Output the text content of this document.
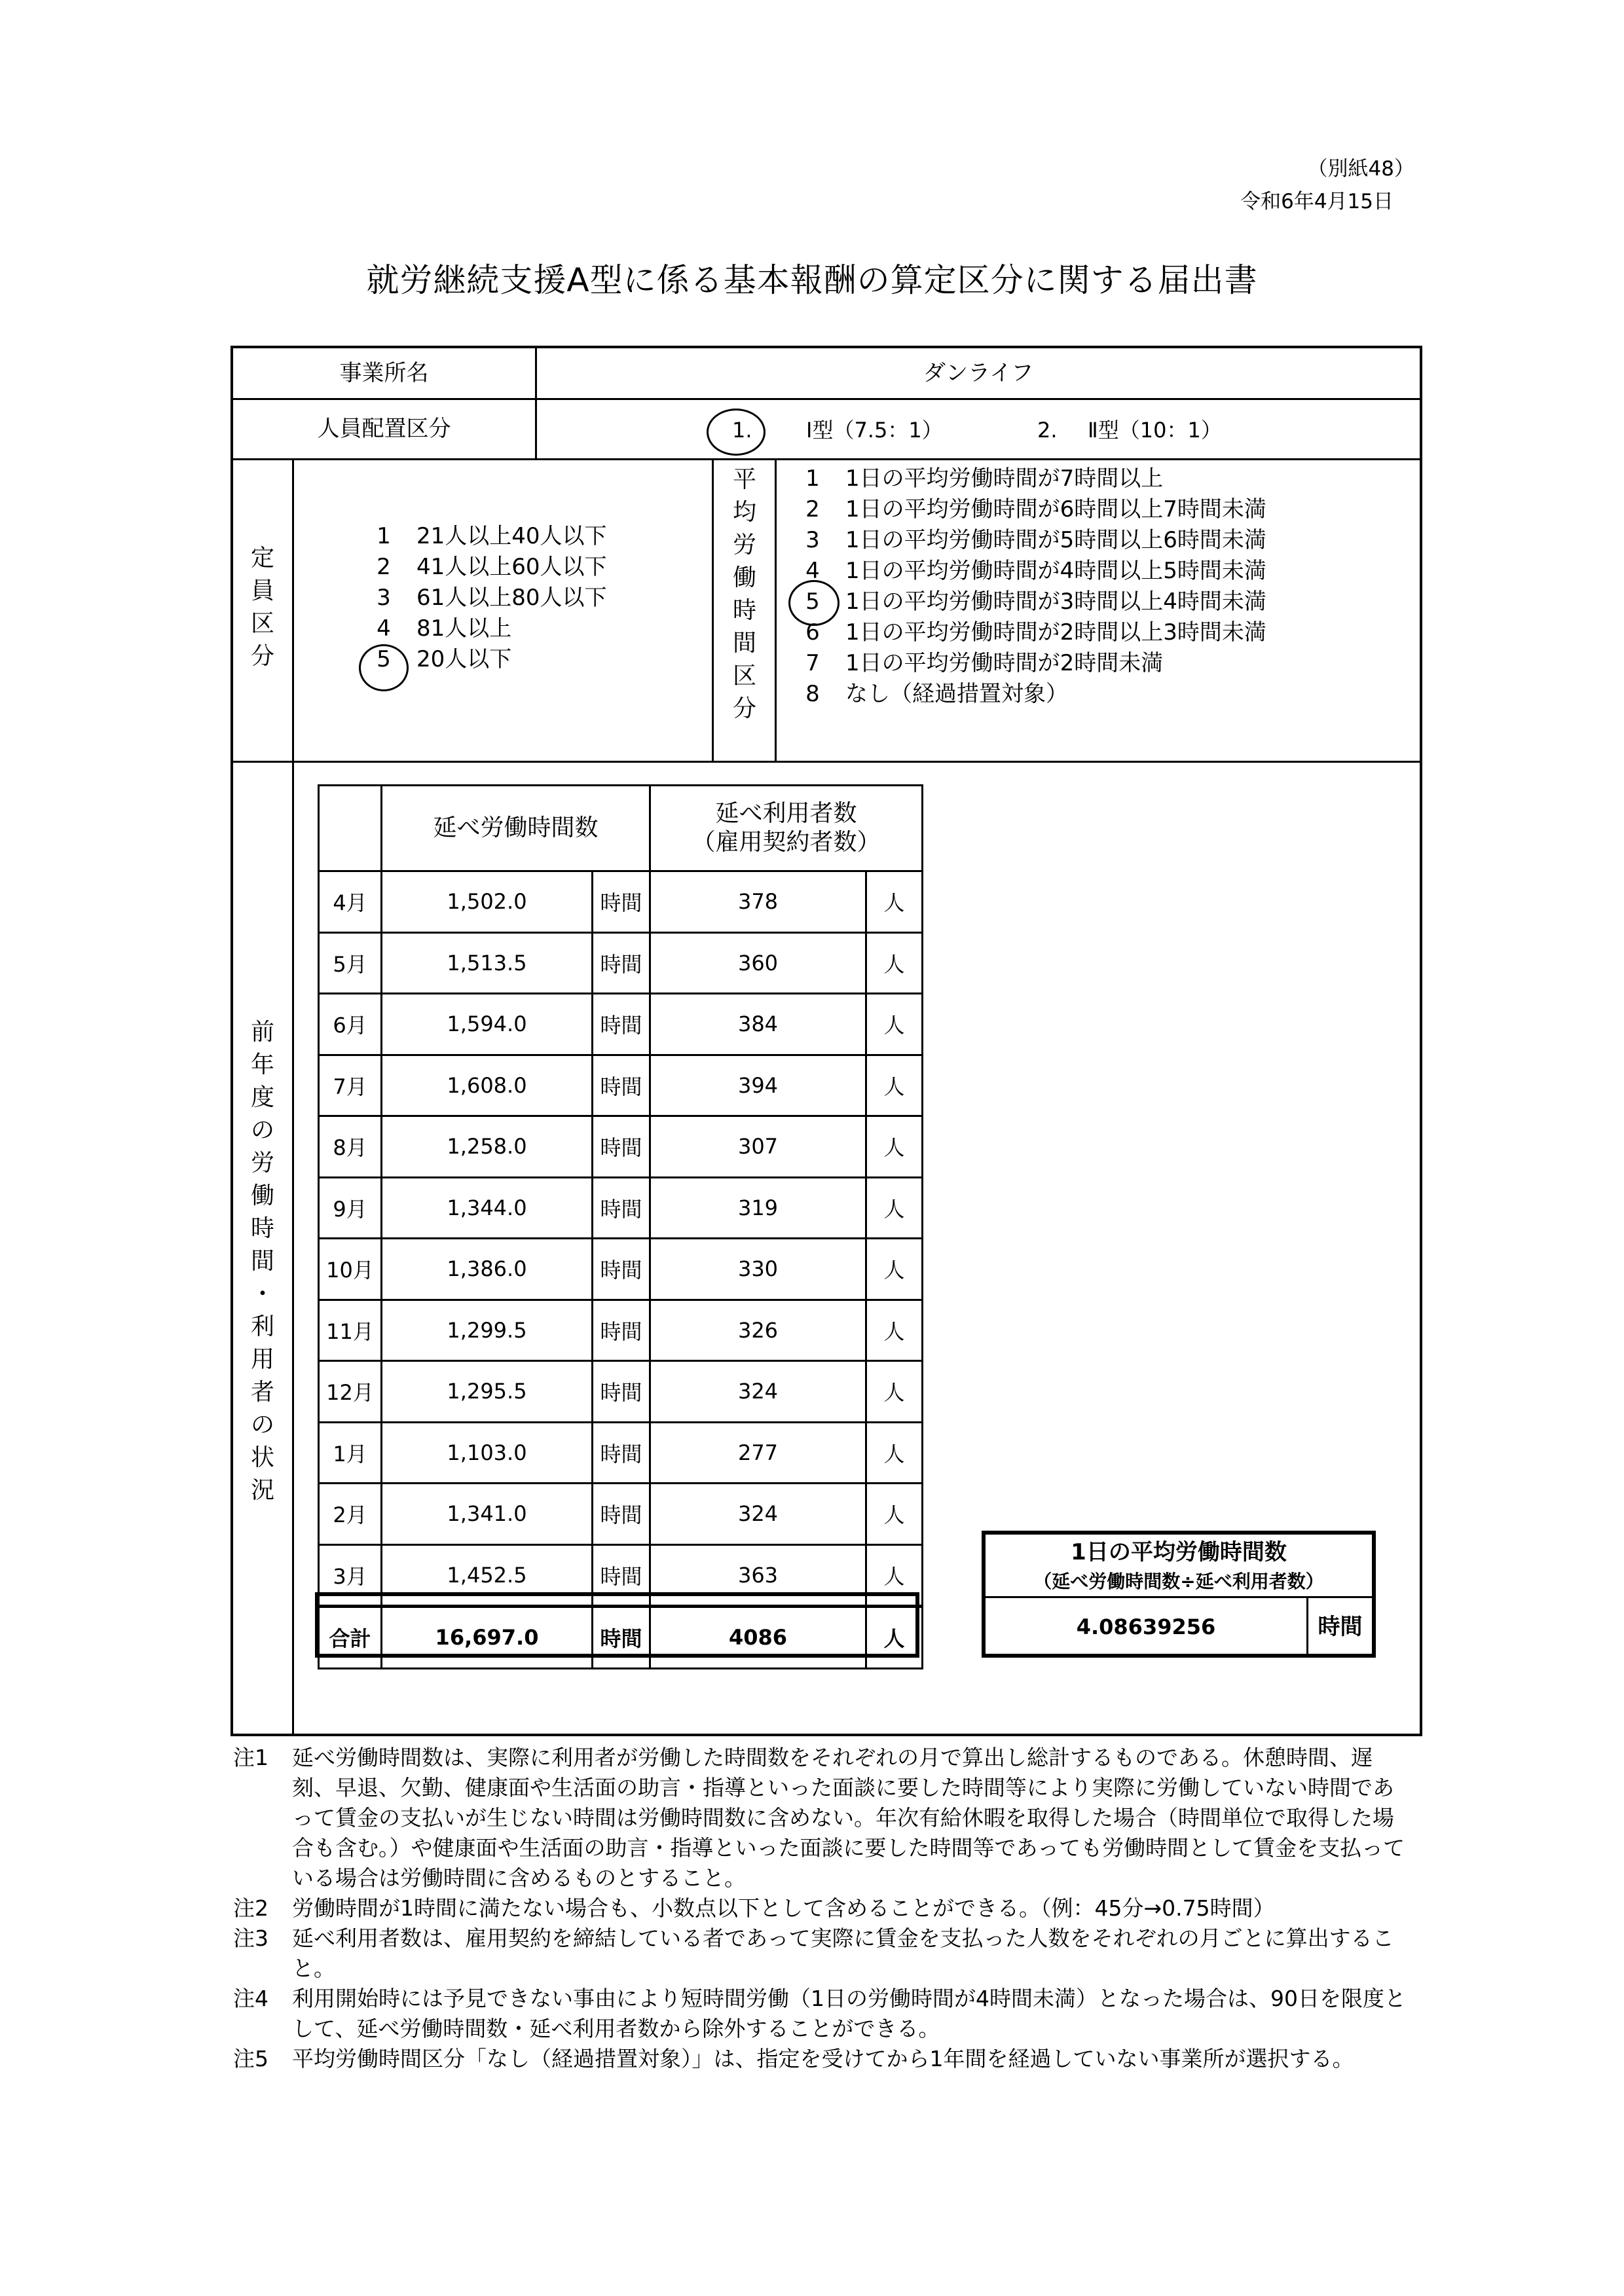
（別紙48）
令和6年4月15日
就労継続支援A型に係る基本報酬の算定区分に関する届出書
事業所名	ダンライフ
人員配置区分	1.	Ⅰ型（7.5：1）	2. Ⅱ型（10：1）
定
員
区
分
1	21人以上40人以下
2	41人以上60人以下
3	61人以上80人以下
4	81人以上
5	20人以下
平
均
労
働
時
間
区
分
1	1日の平均労働時間が7時間以上
2	1日の平均労働時間が6時間以上7時間未満
3	1日の平均労働時間が5時間以上6時間未満
4	1日の平均労働時間が4時間以上5時間未満
5	1日の平均労働時間が3時間以上4時間未満
6	1日の平均労働時間が2時間以上3時間未満
7	1日の平均労働時間が2時間未満
8	なし（経過措置対象）
前
年
度
の
労
働
時
間
・
利
用
者
の
状
況
	延べ労働時間数		延べ利用者数
（雇用契約者数）	
4月	1,502.0	時間	378	人
5月	1,513.5	時間	360	人
6月	1,594.0	時間	384	人
7月	1,608.0	時間	394	人
8月	1,258.0	時間	307	人
9月	1,344.0	時間	319	人
10月	1,386.0	時間	330	人
11月	1,299.5	時間	326	人
12月	1,295.5	時間	324	人
1月	1,103.0	時間	277	人
2月	1,341.0	時間	324	人
3月	1,452.5	時間	363	人
合計	16,697.0	時間	4086	人
1日の平均労働時間数
（延べ労働時間数÷延べ利用者数）
4.08639256	時間
注1	延べ労働時間数は、実際に利用者が労働した時間数をそれぞれの月で算出し総計するものである。休憩時間、遅刻、早退、欠勤、健康面や生活面の助言・指導といった面談に要した時間等により実際に労働していない時間であって賃金の支払いが生じない時間は労働時間数に含めない。年次有給休暇を取得した場合（時間単位で取得した場合も含む。）や健康面や生活面の助言・指導といった面談に要した時間等であっても労働時間として賃金を支払っている場合は労働時間に含めるものとすること。
注2	労働時間が1時間に満たない場合も、小数点以下として含めることができる。（例：45分→0.75時間）
注3	延べ利用者数は、雇用契約を締結している者であって実際に賃金を支払った人数をそれぞれの月ごとに算出すること。
注4	利用開始時には予見できない事由により短時間労働（1日の労働時間が4時間未満）となった場合は、90日を限度として、延べ労働時間数・延べ利用者数から除外することができる。
注5	平均労働時間区分「なし（経過措置対象）」は、指定を受けてから1年間を経過していない事業所が選択する。
